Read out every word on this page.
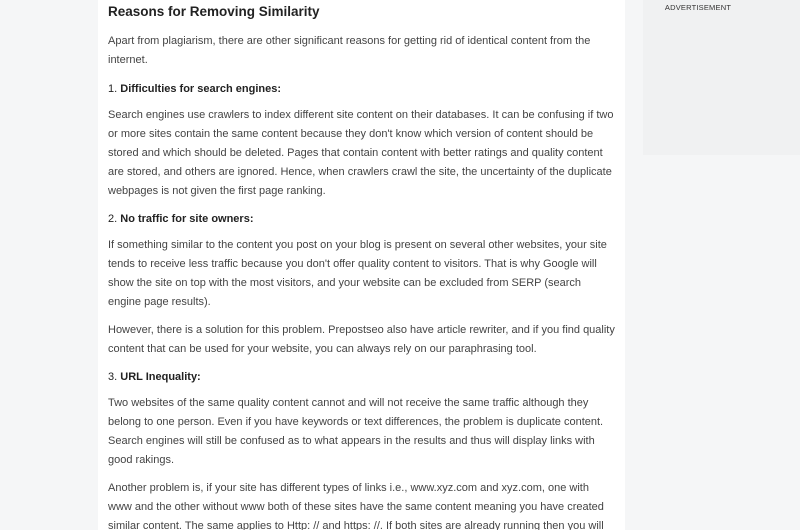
Reasons for Removing Similarity

Apart from plagiarism, there are other significant reasons for getting rid of identical content from the internet.

1. Difficulties for search engines:

Search engines use crawlers to index different site content on their databases. It can be confusing if two or more sites contain the same content because they don't know which version of content should be stored and which should be deleted. Pages that contain content with better ratings and quality content are stored, and others are ignored. Hence, when crawlers crawl the site, the uncertainty of the duplicate webpages is not given the first page ranking.

2. No traffic for site owners:

If something similar to the content you post on your blog is present on several other websites, your site tends to receive less traffic because you don't offer quality content to visitors. That is why Google will show the site on top with the most visitors, and your website can be excluded from SERP (search engine page results).

However, there is a solution for this problem. Prepostseo also have article rewriter, and if you find quality content that can be used for your website, you can always rely on our paraphrasing tool.

3. URL Inequality:

Two websites of the same quality content cannot and will not receive the same traffic although they belong to one person. Even if you have keywords or text differences, the problem is duplicate content. Search engines will still be confused as to what appears in the results and thus will display links with good rakings.

Another problem is, if your site has different types of links i.e., www.xyz.com and xyz.com, one with www and the other without www both of these sites have the same content meaning you have created similar content. The same applies to Http: // and https: //. If both sites are already running then you will

ADVERTISEMENT
